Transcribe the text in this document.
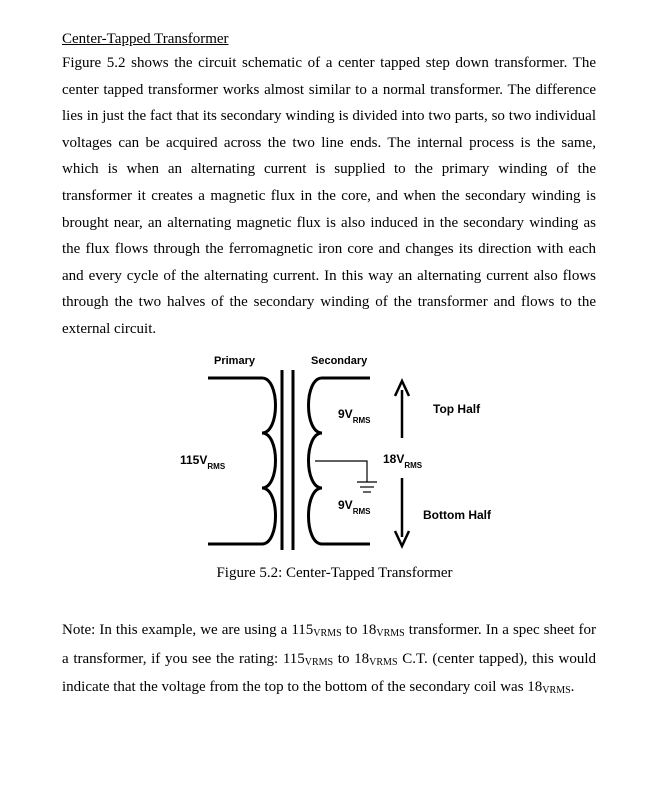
Center-Tapped Transformer

Figure 5.2 shows the circuit schematic of a center tapped step down transformer. The center tapped transformer works almost similar to a normal transformer. The difference lies in just the fact that its secondary winding is divided into two parts, so two individual voltages can be acquired across the two line ends. The internal process is the same, which is when an alternating current is supplied to the primary winding of the transformer it creates a magnetic flux in the core, and when the secondary winding is brought near, an alternating magnetic flux is also induced in the secondary winding as the flux flows through the ferromagnetic iron core and changes its direction with each and every cycle of the alternating current. In this way an alternating current also flows through the two halves of the secondary winding of the transformer and flows to the external circuit.

Primary	Secondary
$115V_{RMS}$
$9V_{RMS}$
$9V_{RMS}$
$18V_{RMS}$
Top Half
Bottom Half
Figure 5.2: Center-Tapped Transformer

Note: In this example, we are using a 115VRMS to 18VRMS transformer. In a spec sheet for a transformer, if you see the rating: 115VRMS to 18VRMS C.T. (center tapped), this would indicate that the voltage from the top to the bottom of the secondary coil was 18VRMS.
